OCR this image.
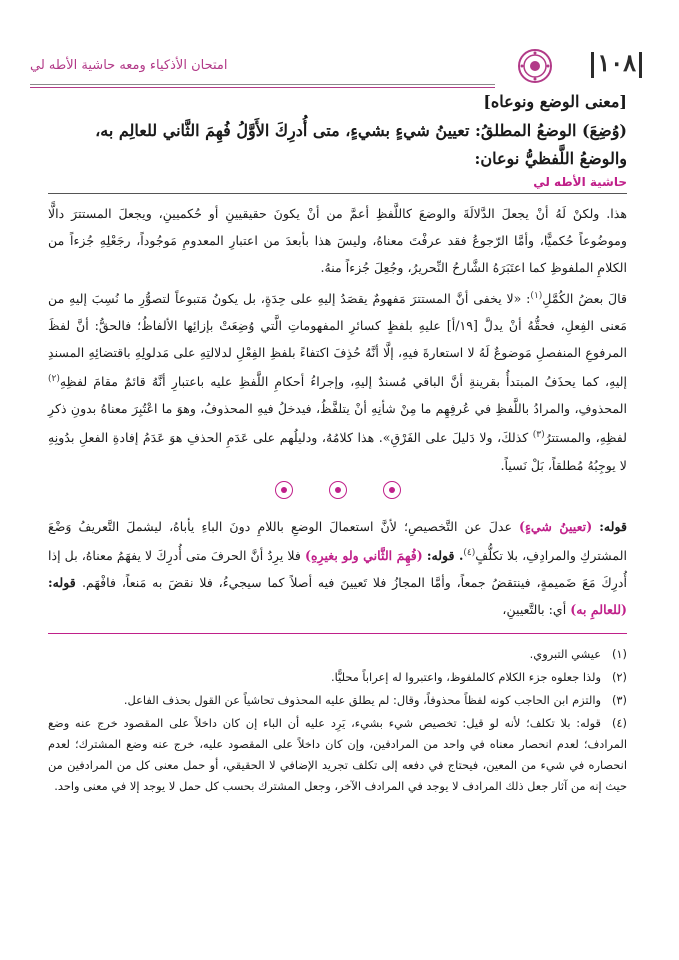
١٠٨
امتحان الأذكياء ومعه حاشية الأطه لي

[معنى الوضع ونوعاه]

(وُضِعَ) الوضعُ المطلقُ: تعيينُ شيءٍ بشيءٍ، متى أُدرِكَ الأَوَّلُ فُهِمَ الثَّاني للعالِم به،

والوضعُ اللَّفظيُّ نوعان:

حاشية الأطه لي

هذا. ولكنْ لَهُ أنْ يجعلَ الدَّلالَةَ والوضعَ كاللَّفظِ أعمَّ من أنْ يكونَ حقيقيينِ أو حُكميينِ، ويجعلَ المستترَ دالًّا وموضُوعاً حُكميًّا، وأمَّا الرّجوعُ فقد عرفْتَ معناهُ، وليسَ هذا بأبعدَ من اعتبارِ المعدومِ مَوجُوداً، رجَعْلِهِ جُزءاً من الكلامِ الملفوظِ كما اعتَبَرَهُ الشَّارحُ النِّحريرُ، وجُعِلَ جُزءاً منهُ.

قالَ بعضُ الكُمَّلِ$^{(١)}$: «لا يخفى أنَّ المستترَ مَفهومٌ يقصَدُ إليهِ على حِدَةٍ، بل يكونُ مَتبوعاً لتصوُّرِ ما نُسِبَ إليهِ من مَعنى الفِعلِ، فحقُّهُ أنْ يدلَّ [١٩/أ] عليهِ بلفظٍ كسائرِ المفهوماتِ الَّتي وُضِعَتْ بإزائِها الألفاظُ؛ فالحقُّ: أنَّ لفظَ المرفوعِ المنفصلِ مَوضوعٌ لَهُ لا استعارةَ فيهِ، إلَّا أنَّهُ حُذِفَ اكتفاءً بلفظِ الفِعْلِ لدلالتِهِ على مَدلولِهِ باقتضائِهِ المسندِ إليهِ، كما يحذَفُ المبتدأُ بقرينةِ أنَّ الباقي مُسندٌ إليهِ، وإجراءُ أحكامِ اللَّفظِ عليه باعتبارِ أنَّهُ قائمٌ مقامَ لفظِهِ$^{(٢)}$ المحذوفِ، والمرادُ باللَّفظِ في عُرفِهِم ما مِنْ شأنِهِ أنْ يتلفَّظُ، فيدخلُ فيهِ المحذوفُ، وهوَ ما اعْتُبِرَ معناهُ بدونِ ذكرِ لفظِهِ، والمستترُ$^{(٣)}$ كذلكَ، ولا دَليلَ على الفَرْقِ». هذا كلامُهُ، ودليلُهم على عَدَمِ الحذفِ هوَ عَدَمُ إفادةِ الفعلِ بدُونِهِ لا يوجِبُهُ مُطلقاً، بَلْ نَسياً.

قوله: (تعيينُ شيءٍ) عدلَ عن التَّخصيصِ؛ لأنَّ استعمالَ الوضعِ باللامِ دونَ الباءِ يأباهُ، ليشملَ التَّعريفُ وَضْعَ المشتركِ والمرادِفِ، بلا تكلُّفٍ$^{(٤)}$. قوله: (فُهِمَ الثَّاني ولو بغيرِهِ) فلا يرِدُ أنَّ الحرفَ متى أُدرِكَ لا يفهَمُ معناهُ، بل إذا أُدرِكَ مَعَ ضَميمةٍ، فينتقضُ جمعاً، وأمَّا المجازُ فلا تَعيينَ فيه أصلاً كما سيجيءُ، فلا نقضَ به مَنعاً، فافْهَم. قوله: (للعالمِ به) أي: بالتَّعيينِ،

(١)عيشي التبروي.

(٢)ولذا جعلوه جزء الكلام كالملفوظ، واعتبروا له إعراباً محليًّا.

(٣)والتزم ابن الحاجب كونه لفظاً محذوفاً، وقال: لم يطلق عليه المحذوف تحاشياً عن القول بحذف الفاعل.

(٤)قوله: بلا تكلف؛ لأنه لو قيل: تخصيص شيء بشيء، يَرِد عليه أن الباء إن كان داخلاً على المقصود خرج عنه وضع المرادف؛ لعدم انحصار معناه في واحد من المرادفين، وإن كان داخلاً على المقصود عليه، خرج عنه وضع المشترك؛ لعدم انحصاره في شيء من المعين، فيحتاج في دفعه إلى تكلف تجريد الإضافي لا الحقيقي، أو حمل معنى كل من المرادفين من حيث إنه من آثار جعل ذلك المرادف لا يوجد في المرادف الآخر، وجعل المشترك بحسب كل حمل لا يوجد إلا في معنى واحد.
